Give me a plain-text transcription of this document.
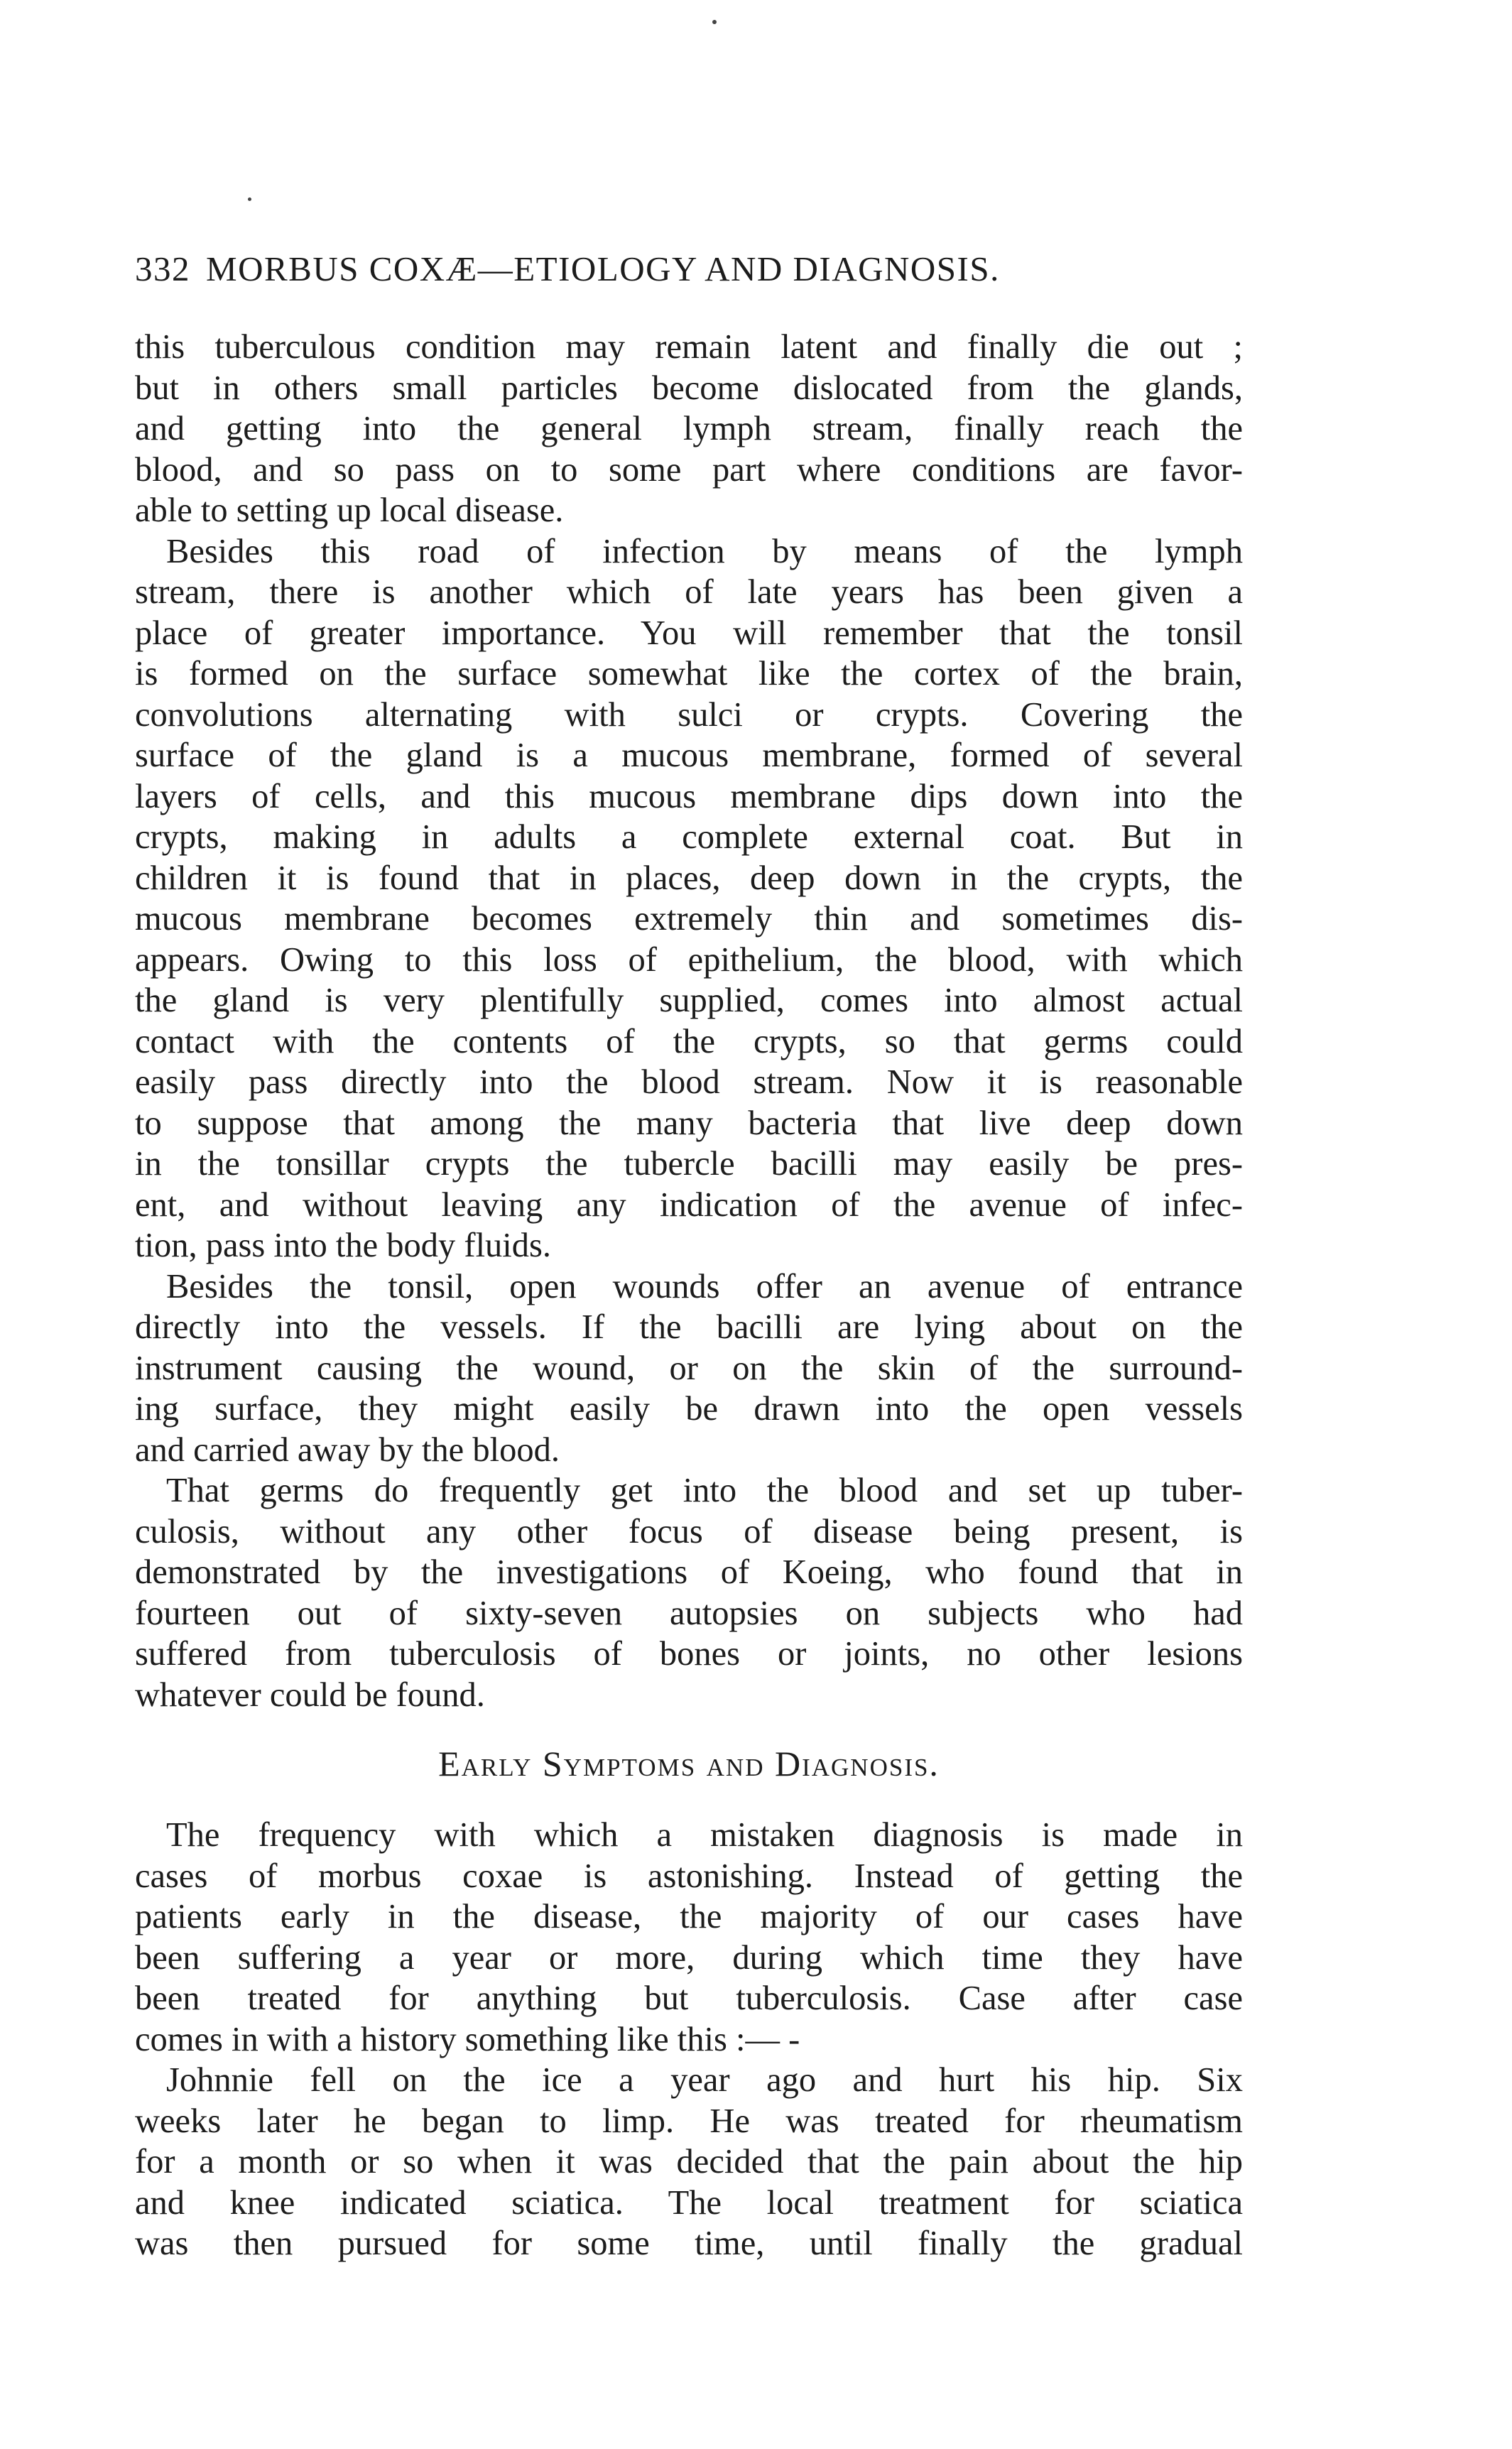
332 MORBUS COXÆ—ETIOLOGY AND DIAGNOSIS.

this tuberculous condition may remain latent and finally die out ;
but in others small particles become dislocated from the glands,
and getting into the general lymph stream, finally reach the
blood, and so pass on to some part where conditions are favor-
able to setting up local disease.

Besides this road of infection by means of the lymph
stream, there is another which of late years has been given a
place of greater importance. You will remember that the tonsil
is formed on the surface somewhat like the cortex of the brain,
convolutions alternating with sulci or crypts. Covering the
surface of the gland is a mucous membrane, formed of several
layers of cells, and this mucous membrane dips down into the
crypts, making in adults a complete external coat. But in
children it is found that in places, deep down in the crypts, the
mucous membrane becomes extremely thin and sometimes dis-
appears. Owing to this loss of epithelium, the blood, with which
the gland is very plentifully supplied, comes into almost actual
contact with the contents of the crypts, so that germs could
easily pass directly into the blood stream. Now it is reasonable
to suppose that among the many bacteria that live deep down
in the tonsillar crypts the tubercle bacilli may easily be pres-
ent, and without leaving any indication of the avenue of infec-
tion, pass into the body fluids.

Besides the tonsil, open wounds offer an avenue of entrance
directly into the vessels. If the bacilli are lying about on the
instrument causing the wound, or on the skin of the surround-
ing surface, they might easily be drawn into the open vessels
and carried away by the blood.

That germs do frequently get into the blood and set up tuber-
culosis, without any other focus of disease being present, is
demonstrated by the investigations of Koeing, who found that in
fourteen out of sixty-seven autopsies on subjects who had
suffered from tuberculosis of bones or joints, no other lesions
whatever could be found.

Early Symptoms and Diagnosis.

The frequency with which a mistaken diagnosis is made in
cases of morbus coxae is astonishing. Instead of getting the
patients early in the disease, the majority of our cases have
been suffering a year or more, during which time they have
been treated for anything but tuberculosis. Case after case
comes in with a history something like this :— -

Johnnie fell on the ice a year ago and hurt his hip. Six
weeks later he began to limp. He was treated for rheumatism
for a month or so when it was decided that the pain about the hip
and knee indicated sciatica. The local treatment for sciatica
was then pursued for some time, until finally the gradual
